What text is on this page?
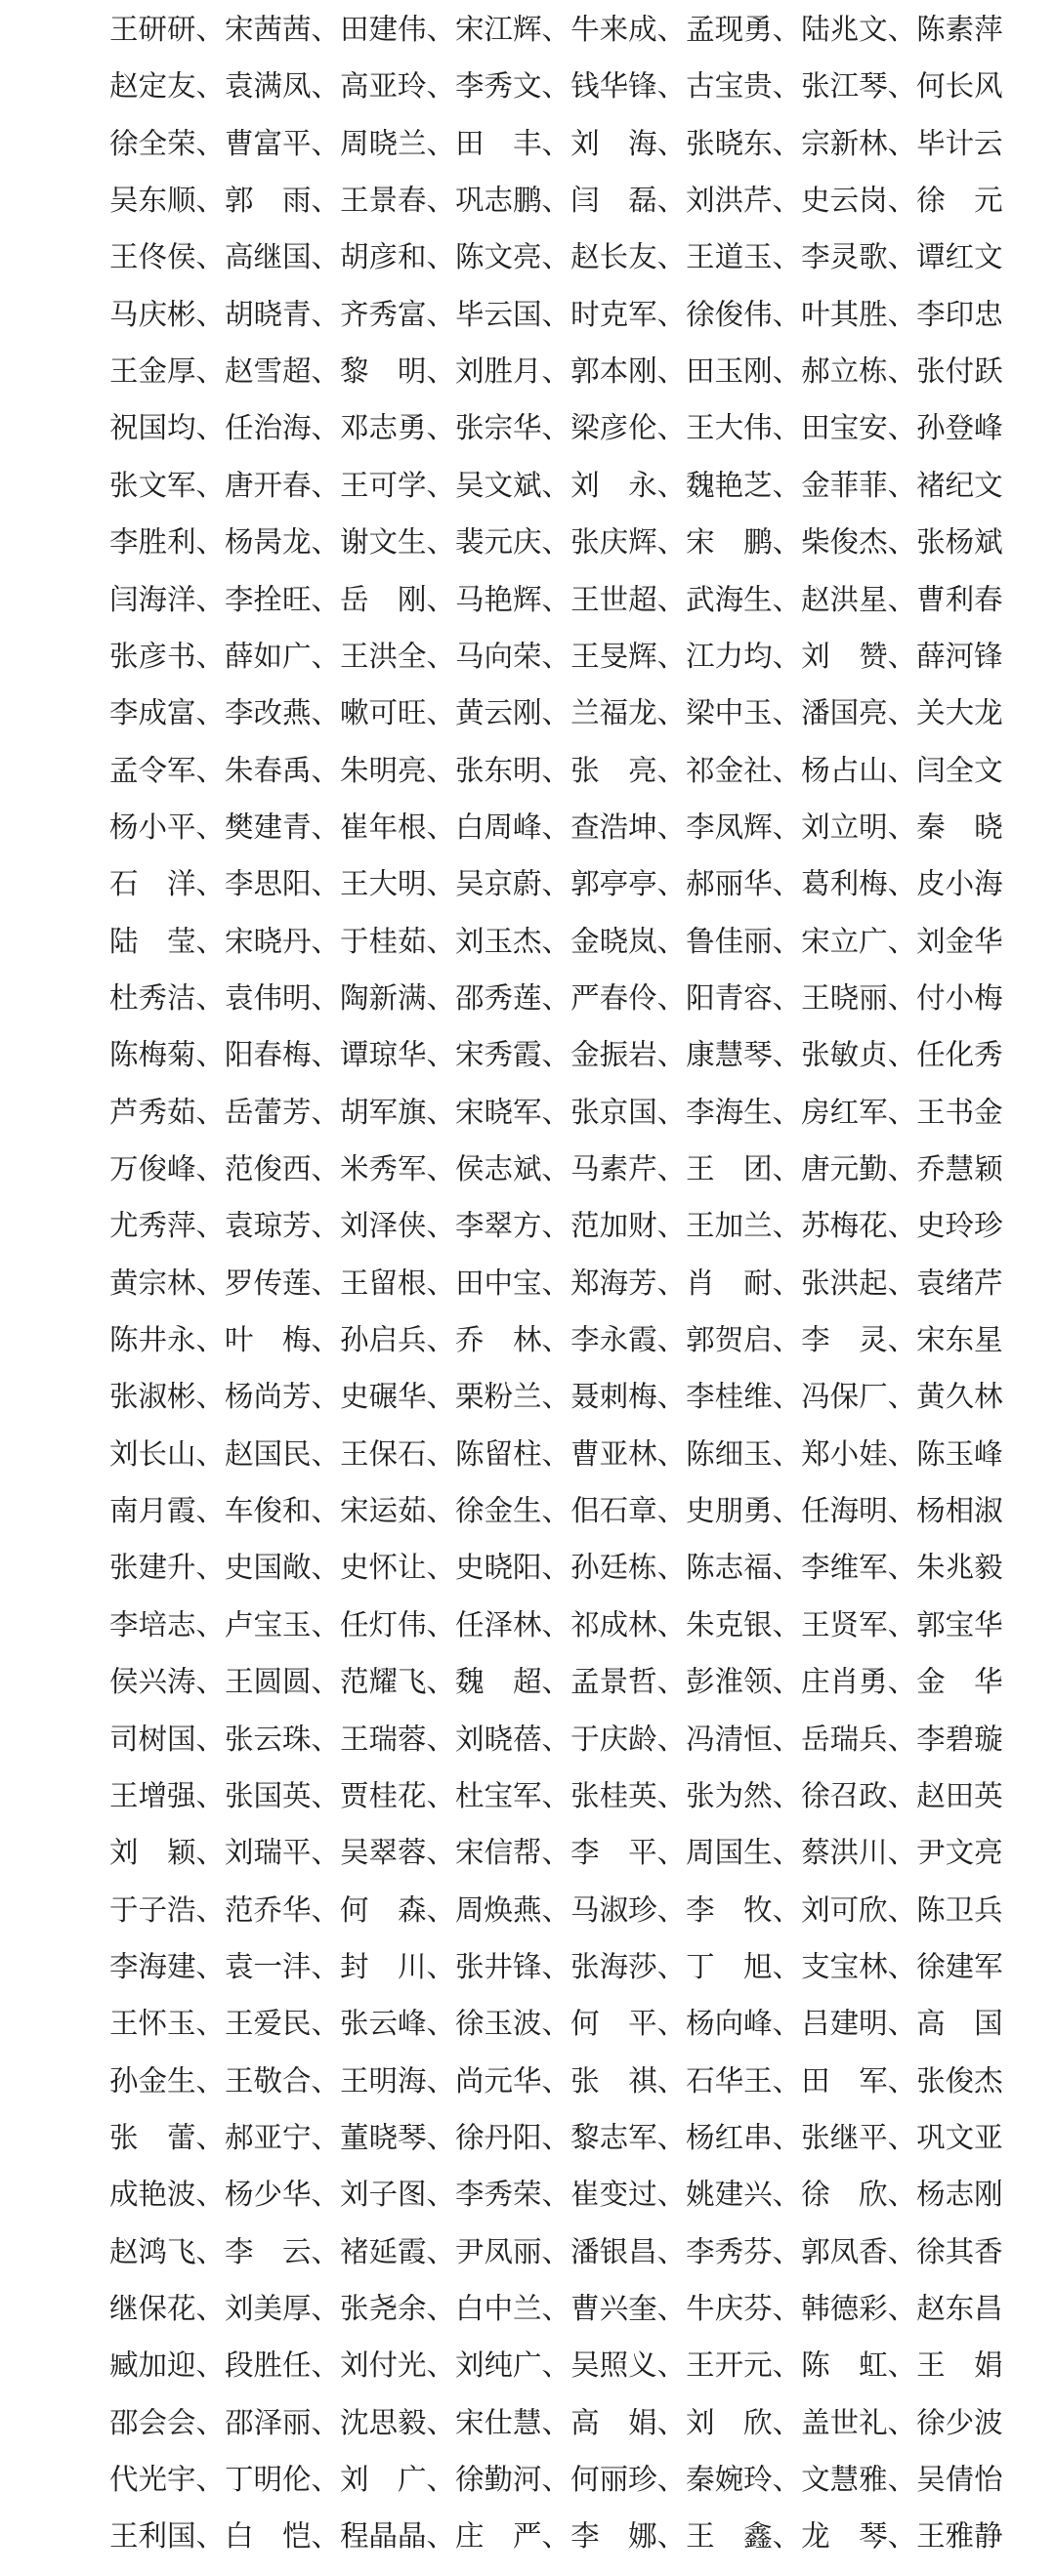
王研研、 宋茜茜、 田建伟、 宋江辉、 牛来成、 孟现勇、 陆兆文、 陈素萍
赵定友、 袁满凤、 高亚玲、 李秀文、 钱华锋、 古宝贵、 张江琴、 何长风
徐全荣、 曹富平、 周晓兰、 田　丰、 刘　海、 张晓东、 宗新林、 毕计云
吴东顺、 郭　雨、 王景春、 巩志鹏、 闫　磊、 刘洪芹、 史云岗、 徐　元
王佟侯、 高继国、 胡彦和、 陈文亮、 赵长友、 王道玉、 李灵歌、 谭红文
马庆彬、 胡晓青、 齐秀富、 毕云国、 时克军、 徐俊伟、 叶其胜、 李印忠
王金厚、 赵雪超、 黎　明、 刘胜月、 郭本刚、 田玉刚、 郝立栋、 张付跃
祝国均、 任治海、 邓志勇、 张宗华、 梁彦伦、 王大伟、 田宝安、 孙登峰
张文军、 唐开春、 王可学、 吴文斌、 刘　永、 魏艳芝、 金菲菲、 褚纪文
李胜利、 杨昺龙、 谢文生、 裴元庆、 张庆辉、 宋　鹏、 柴俊杰、 张杨斌
闫海洋、 李拴旺、 岳　刚、 马艳辉、 王世超、 武海生、 赵洪星、 曹利春
张彦书、 薛如广、 王洪全、 马向荣、 王旻辉、 江力均、 刘　赞、 薛河锋
李成富、 李改燕、 嗽可旺、 黄云刚、 兰福龙、 梁中玉、 潘国亮、 关大龙
孟令军、 朱春禹、 朱明亮、 张东明、 张　亮、 祁金社、 杨占山、 闫全文
杨小平、 樊建青、 崔年根、 白周峰、 查浩坤、 李凤辉、 刘立明、 秦　晓
石　洋、 李思阳、 王大明、 吴京蔚、 郭亭亭、 郝丽华、 葛利梅、 皮小海
陆　莹、 宋晓丹、 于桂茹、 刘玉杰、 金晓岚、 鲁佳丽、 宋立广、 刘金华
杜秀洁、 袁伟明、 陶新满、 邵秀莲、 严春伶、 阳青容、 王晓丽、 付小梅
陈梅菊、 阳春梅、 谭琼华、 宋秀霞、 金振岩、 康慧琴、 张敏贞、 任化秀
芦秀茹、 岳蕾芳、 胡军旗、 宋晓军、 张京国、 李海生、 房红军、 王书金
万俊峰、 范俊西、 米秀军、 侯志斌、 马素芹、 王　团、 唐元勤、 乔慧颖
尤秀萍、 袁琼芳、 刘泽侠、 李翠方、 范加财、 王加兰、 苏梅花、 史玲珍
黄宗林、 罗传莲、 王留根、 田中宝、 郑海芳、 肖　耐、 张洪起、 袁绪芹
陈井永、 叶　梅、 孙启兵、 乔　林、 李永霞、 郭贺启、 李　灵、 宋东星
张淑彬、 杨尚芳、 史碾华、 栗粉兰、 聂刺梅、 李桂维、 冯保厂、 黄久林
刘长山、 赵国民、 王保石、 陈留柱、 曹亚林、 陈细玉、 郑小娃、 陈玉峰
南月霞、 车俊和、 宋运茹、 徐金生、 佀石章、 史朋勇、 任海明、 杨相淑
张建升、 史国敞、 史怀让、 史晓阳、 孙廷栋、 陈志福、 李维军、 朱兆毅
李培志、 卢宝玉、 任灯伟、 任泽林、 祁成林、 朱克银、 王贤军、 郭宝华
侯兴涛、 王圆圆、 范耀飞、 魏　超、 孟景哲、 彭淮领、 庄肖勇、 金　华
司树国、 张云珠、 王瑞蓉、 刘晓蓓、 于庆龄、 冯清恒、 岳瑞兵、 李碧璇
王增强、 张国英、 贾桂花、 杜宝军、 张桂英、 张为然、 徐召政、 赵田英
刘　颖、 刘瑞平、 吴翠蓉、 宋信帮、 李　平、 周国生、 蔡洪川、 尹文亮
于子浩、 范乔华、 何　森、 周焕燕、 马淑珍、 李　牧、 刘可欣、 陈卫兵
李海建、 袁一沣、 封　川、 张井锋、 张海莎、 丁　旭、 支宝林、 徐建军
王怀玉、 王爱民、 张云峰、 徐玉波、 何　平、 杨向峰、 吕建明、 高　国
孙金生、 王敬合、 王明海、 尚元华、 张　祺、 石华王、 田　军、 张俊杰
张　蕾、 郝亚宁、 董晓琴、 徐丹阳、 黎志军、 杨红串、 张继平、 巩文亚
成艳波、 杨少华、 刘子图、 李秀荣、 崔变过、 姚建兴、 徐　欣、 杨志刚
赵鸿飞、 李　云、 褚延霞、 尹凤丽、 潘银昌、 李秀芬、 郭凤香、 徐其香
继保花、 刘美厚、 张尧余、 白中兰、 曹兴奎、 牛庆芬、 韩德彩、 赵东昌
臧加迎、 段胜任、 刘付光、 刘纯广、 吴照义、 王开元、 陈　虹、 王　娟
邵会会、 邵泽丽、 沈思毅、 宋仕慧、 高　娟、 刘　欣、 盖世礼、 徐少波
代光宇、 丁明伦、 刘　广、 徐勤河、 何丽珍、 秦婉玲、 文慧雅、 吴倩怡
王利国、 白　恺、 程晶晶、 庄　严、 李　娜、 王　鑫、 龙　琴、 王雅静
